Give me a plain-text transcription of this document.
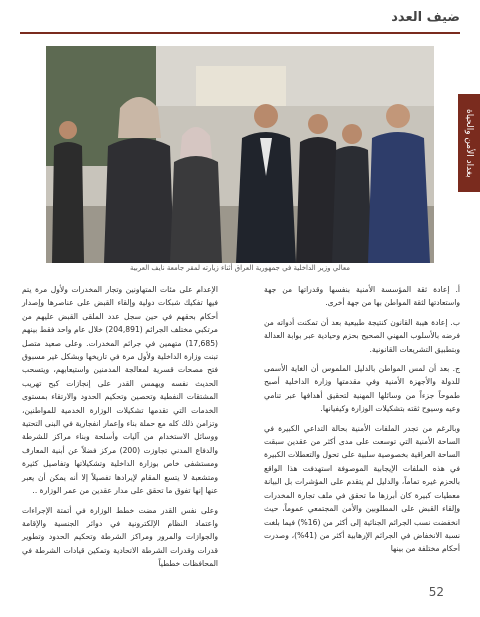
ضيف العدد
بغداد الأمن والحياة
معالي وزير الداخلية في جمهورية العراق أثناء زيارته لمقر جامعة نايف العربية

أ. إعادة ثقة المؤسسة الأمنية بنفسها وقدراتها من جهة واستعادتها لثقة المواطن بها من جهة أخرى.

ب. إعادة هيبة القانون كنتيجة طبيعية بعد أن تمكنت أدواته من فرضه بالأسلوب المهني الصحيح بحزم وحيادية عبر بوابة العدالة وبتطبيق التشريعات القانونية.

ج. بعد أن لمس المواطن بالدليل الملموس أن الغاية الأسمى للدولة والأجهزة الأمنية وفي مقدمتها وزارة الداخلية أصبح طموحاً جزءاً من وسائلها المهنية لتحقيق أهدافها عبر تنامي وعيه وسيوح ثقته بتشكيلات الوزارة وكيفيانها.

وبالرغم من تجدر الملفات الأمنية بحالة التداعي الكبيرة في الساحة الأمنية التي توسعت على مدى أكثر من عقدين سبقت الساحة العراقية بخصوصية سلبية على تحول والتعطلات الكبيرة في هذه الملفات الإيجابية الموصوفة استهدفت هذا الواقع بالحزم غيره تماماً، والدليل لم يتقدم على المؤشرات بل البيانة معطيات كبيرة كان أبرزها ما تحقق في ملف تجارة المخدرات وإلقاء القبض على المطلوبين والأمن المجتمعي عموماً، حيث انخفضت نسب الجرائم الجنائية إلى أكثر من (16%) فيما بلغت نسبة الانخفاض في الجرائم الإرهابية أكثر من (41%)، وصدرت أحكام مختلفة من بينها

الإعدام على مئات المتهاونين وتجار المخدرات ولأول مرة يتم فيها تفكيك شبكات دولية وإلقاء القبض على عناصرها وإصدار أحكام بحقهم في حين سجل عدد الملقى القبض عليهم من مرتكبي مختلف الجرائم (204,891) خلال عام واحد فقط بينهم (17,685) متهمين في جرائم المخدرات. وعلى صعيد متصل تبنت وزارة الداخلية ولأول مرة في تاريخها وبشكل غير مسبوق فتح مصحات قسرية لمعالجة المدمنين واستيعابهم، ويتسحب الحديث نفسه ويهمس القدر على إنجازات كبح تهريب المشتقات النفطية وتحصين وتحكيم الحدود والارتقاء بمستوى الخدمات التي تقدمها تشكيلات الوزارة الخدمية للمواطنين، وتزامن ذلك كله مع حملة بناء وإعمار انفجارية في البنى التحتية ووسائل الاستخدام من آليات وأسلحة وبناء مراكز للشرطة والدفاع المدني تجاوزت (200) مركز فضلاً عن أبنية المعارف ومستشفى خاص بوزارة الداخلية وتشكيلاتها وتفاصيل كثيرة ومتشعبة لا يتسع المقام لإيرادها تفصيلاً إلا أنه يمكن أن يعبر عنها إنها تفوق ما تحقق على مدار عقدين من عمر الوزارة ..

وعلى نفس القدر مضت خطط الوزارة في أتمتة الإجراءات واعتماد النظام الإلكترونية في دوائر الجنسية والإقامة والجوازات والمرور ومراكز الشرطة وتحكيم الحدود وتطوير قدرات وقدرات الشرطة الاتحادية وتمكين قيادات الشرطة في المحافظات خططياً

52
